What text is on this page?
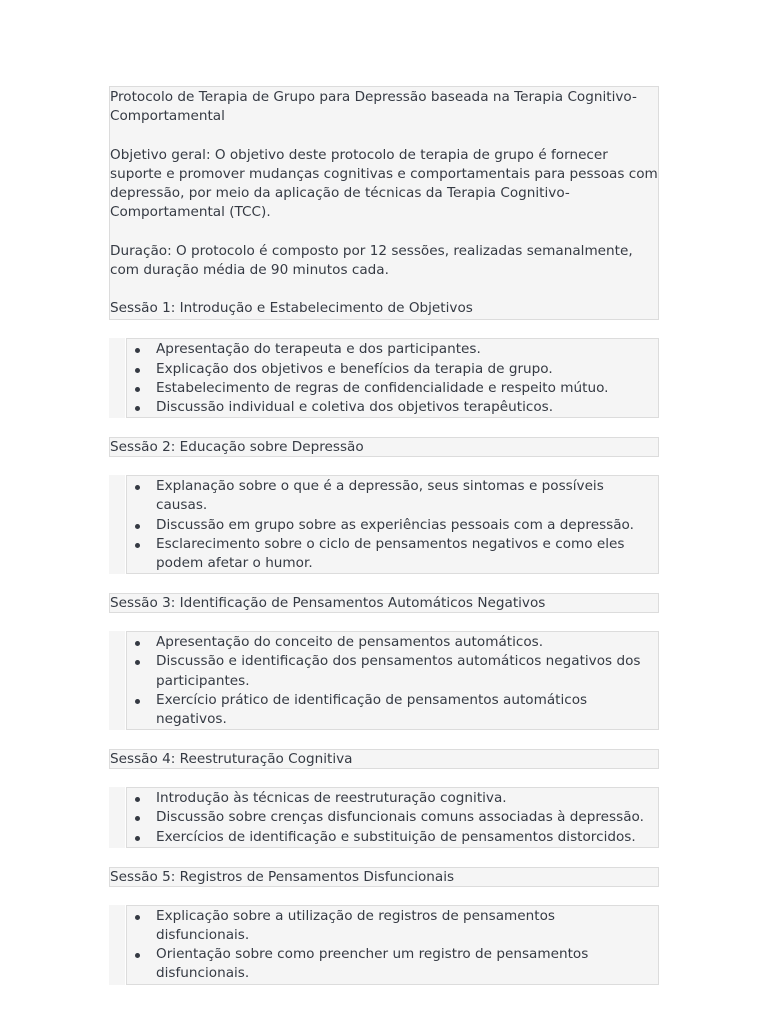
Protocolo de Terapia de Grupo para Depressão baseada na Terapia Cognitivo-Comportamental

Objetivo geral: O objetivo deste protocolo de terapia de grupo é fornecer suporte e promover mudanças cognitivas e comportamentais para pessoas com depressão, por meio da aplicação de técnicas da Terapia Cognitivo-Comportamental (TCC).

Duração: O protocolo é composto por 12 sessões, realizadas semanalmente, com duração média de 90 minutos cada.

Sessão 1: Introdução e Estabelecimento de Objetivos

Apresentação do terapeuta e dos participantes.
Explicação dos objetivos e benefícios da terapia de grupo.
Estabelecimento de regras de confidencialidade e respeito mútuo.
Discussão individual e coletiva dos objetivos terapêuticos.
Sessão 2: Educação sobre Depressão
Explanação sobre o que é a depressão, seus sintomas e possíveis causas.
Discussão em grupo sobre as experiências pessoais com a depressão.
Esclarecimento sobre o ciclo de pensamentos negativos e como eles podem afetar o humor.
Sessão 3: Identificação de Pensamentos Automáticos Negativos
Apresentação do conceito de pensamentos automáticos.
Discussão e identificação dos pensamentos automáticos negativos dos participantes.
Exercício prático de identificação de pensamentos automáticos negativos.
Sessão 4: Reestruturação Cognitiva
Introdução às técnicas de reestruturação cognitiva.
Discussão sobre crenças disfuncionais comuns associadas à depressão.
Exercícios de identificação e substituição de pensamentos distorcidos.
Sessão 5: Registros de Pensamentos Disfuncionais
Explicação sobre a utilização de registros de pensamentos disfuncionais.
Orientação sobre como preencher um registro de pensamentos disfuncionais.
